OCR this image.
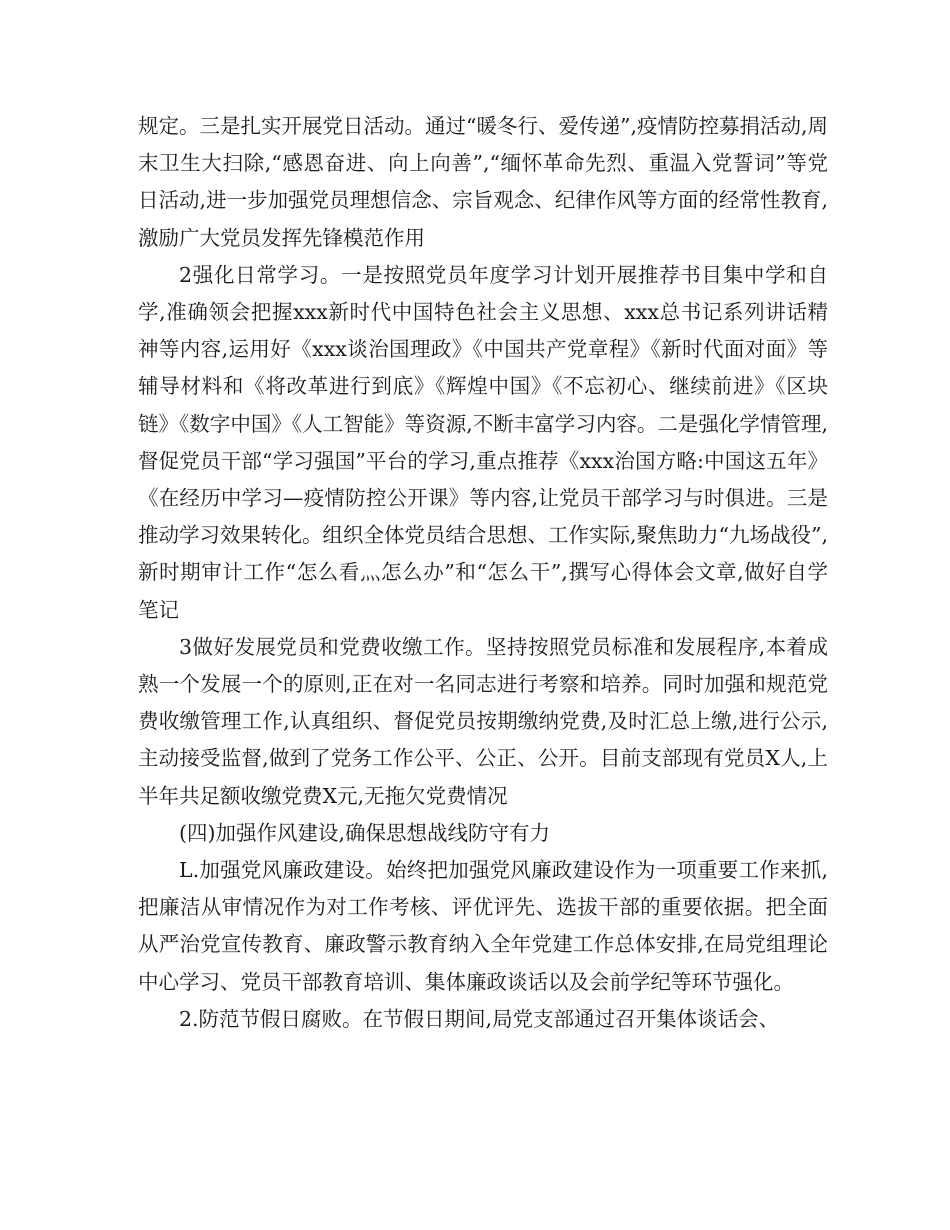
规定。三是扎实开展党日活动。通过“暖冬行、爱传递”,疫情防控募捐活动,周末卫生大扫除,“感恩奋进、向上向善”,“缅怀革命先烈、重温入党誓词”等党日活动,进一步加强党员理想信念、宗旨观念、纪律作风等方面的经常性教育,激励广大党员发挥先锋模范作用

2强化日常学习。一是按照党员年度学习计划开展推荐书目集中学和自学,准确领会把握xxx新时代中国特色社会主义思想、xxx总书记系列讲话精神等内容,运用好《xxx谈治国理政》《中国共产党章程》《新时代面对面》等辅导材料和《将改革进行到底》《辉煌中国》《不忘初心、继续前进》《区块链》《数字中国》《人工智能》等资源,不断丰富学习内容。二是强化学情管理,督促党员干部“学习强国”平台的学习,重点推荐《xxx治国方略:中国这五年》《在经历中学习—疫情防控公开课》等内容,让党员干部学习与时俱进。三是推动学习效果转化。组织全体党员结合思想、工作实际,聚焦助力“九场战役”,新时期审计工作“怎么看灬怎么办”和“怎么干”,撰写心得体会文章,做好自学笔记

3做好发展党员和党费收缴工作。坚持按照党员标准和发展程序,本着成熟一个发展一个的原则,正在对一名同志进行考察和培养。同时加强和规范党费收缴管理工作,认真组织、督促党员按期缴纳党费,及时汇总上缴,进行公示,主动接受监督,做到了党务工作公平、公正、公开。目前支部现有党员X人,上半年共足额收缴党费X元,无拖欠党费情况

(四)加强作风建设,确保思想战线防守有力

L.加强党风廉政建设。始终把加强党风廉政建设作为一项重要工作来抓,把廉洁从审情况作为对工作考核、评优评先、选拔干部的重要依据。把全面从严治党宣传教育、廉政警示教育纳入全年党建工作总体安排,在局党组理论中心学习、党员干部教育培训、集体廉政谈话以及会前学纪等环节强化。

2.防范节假日腐败。在节假日期间,局党支部通过召开集体谈话会、
